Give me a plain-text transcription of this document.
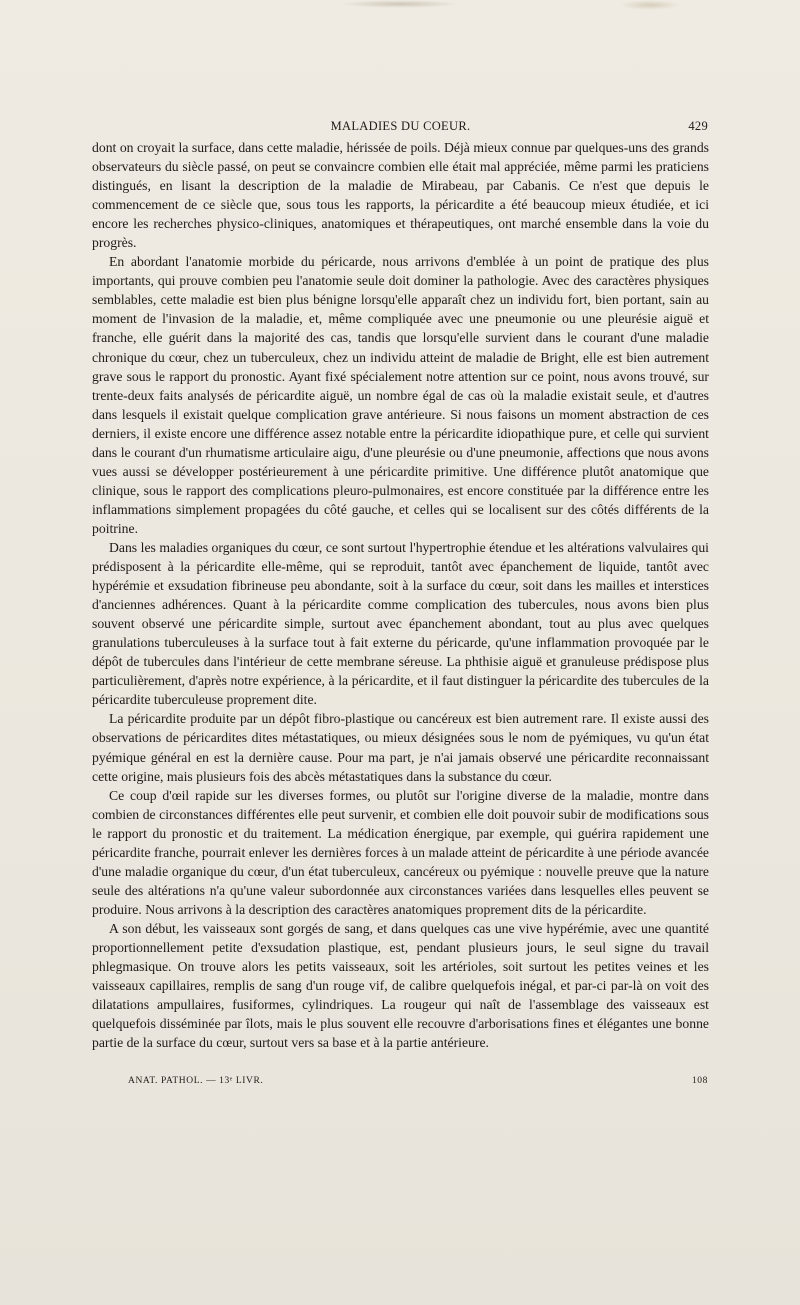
MALADIES DU COEUR.	429

dont on croyait la surface, dans cette maladie, hérissée de poils. Déjà mieux connue par quelques-uns des grands observateurs du siècle passé, on peut se convaincre combien elle était mal appréciée, même parmi les praticiens distingués, en lisant la description de la maladie de Mirabeau, par Cabanis. Ce n'est que depuis le commencement de ce siècle que, sous tous les rapports, la péricardite a été beaucoup mieux étudiée, et ici encore les recherches physico-cliniques, anatomiques et thérapeutiques, ont marché ensemble dans la voie du progrès.

En abordant l'anatomie morbide du péricarde, nous arrivons d'emblée à un point de pratique des plus importants, qui prouve combien peu l'anatomie seule doit dominer la pathologie. Avec des caractères physiques semblables, cette maladie est bien plus bénigne lorsqu'elle apparaît chez un individu fort, bien portant, sain au moment de l'invasion de la maladie, et, même compliquée avec une pneumonie ou une pleurésie aiguë et franche, elle guérit dans la majorité des cas, tandis que lorsqu'elle survient dans le courant d'une maladie chronique du cœur, chez un tuberculeux, chez un individu atteint de maladie de Bright, elle est bien autrement grave sous le rapport du pronostic. Ayant fixé spécialement notre attention sur ce point, nous avons trouvé, sur trente-deux faits analysés de péricardite aiguë, un nombre égal de cas où la maladie existait seule, et d'autres dans lesquels il existait quelque complication grave antérieure. Si nous faisons un moment abstraction de ces derniers, il existe encore une différence assez notable entre la péricardite idiopathique pure, et celle qui survient dans le courant d'un rhumatisme articulaire aigu, d'une pleurésie ou d'une pneumonie, affections que nous avons vues aussi se développer postérieurement à une péricardite primitive. Une différence plutôt anatomique que clinique, sous le rapport des complications pleuro-pulmonaires, est encore constituée par la différence entre les inflammations simplement propagées du côté gauche, et celles qui se localisent sur des côtés différents de la poitrine.

Dans les maladies organiques du cœur, ce sont surtout l'hypertrophie étendue et les altérations valvulaires qui prédisposent à la péricardite elle-même, qui se reproduit, tantôt avec épanchement de liquide, tantôt avec hypérémie et exsudation fibrineuse peu abondante, soit à la surface du cœur, soit dans les mailles et interstices d'anciennes adhérences. Quant à la péricardite comme complication des tubercules, nous avons bien plus souvent observé une péricardite simple, surtout avec épanchement abondant, tout au plus avec quelques granulations tuberculeuses à la surface tout à fait externe du péricarde, qu'une inflammation provoquée par le dépôt de tubercules dans l'intérieur de cette membrane séreuse. La phthisie aiguë et granuleuse prédispose plus particulièrement, d'après notre expérience, à la péricardite, et il faut distinguer la péricardite des tubercules de la péricardite tuberculeuse proprement dite.

La péricardite produite par un dépôt fibro-plastique ou cancéreux est bien autrement rare. Il existe aussi des observations de péricardites dites métastatiques, ou mieux désignées sous le nom de pyémiques, vu qu'un état pyémique général en est la dernière cause. Pour ma part, je n'ai jamais observé une péricardite reconnaissant cette origine, mais plusieurs fois des abcès métastatiques dans la substance du cœur.

Ce coup d'œil rapide sur les diverses formes, ou plutôt sur l'origine diverse de la maladie, montre dans combien de circonstances différentes elle peut survenir, et combien elle doit pouvoir subir de modifications sous le rapport du pronostic et du traitement. La médication énergique, par exemple, qui guérira rapidement une péricardite franche, pourrait enlever les dernières forces à un malade atteint de péricardite à une période avancée d'une maladie organique du cœur, d'un état tuberculeux, cancéreux ou pyémique : nouvelle preuve que la nature seule des altérations n'a qu'une valeur subordonnée aux circonstances variées dans lesquelles elles peuvent se produire. Nous arrivons à la description des caractères anatomiques proprement dits de la péricardite.

A son début, les vaisseaux sont gorgés de sang, et dans quelques cas une vive hypérémie, avec une quantité proportionnellement petite d'exsudation plastique, est, pendant plusieurs jours, le seul signe du travail phlegmasique. On trouve alors les petits vaisseaux, soit les artérioles, soit surtout les petites veines et les vaisseaux capillaires, remplis de sang d'un rouge vif, de calibre quelquefois inégal, et par-ci par-là on voit des dilatations ampullaires, fusiformes, cylindriques. La rougeur qui naît de l'assemblage des vaisseaux est quelquefois disséminée par îlots, mais le plus souvent elle recouvre d'arborisations fines et élégantes une bonne partie de la surface du cœur, surtout vers sa base et à la partie antérieure.

ANAT. PATHOL. — 13ᵉ LIVR.	108
